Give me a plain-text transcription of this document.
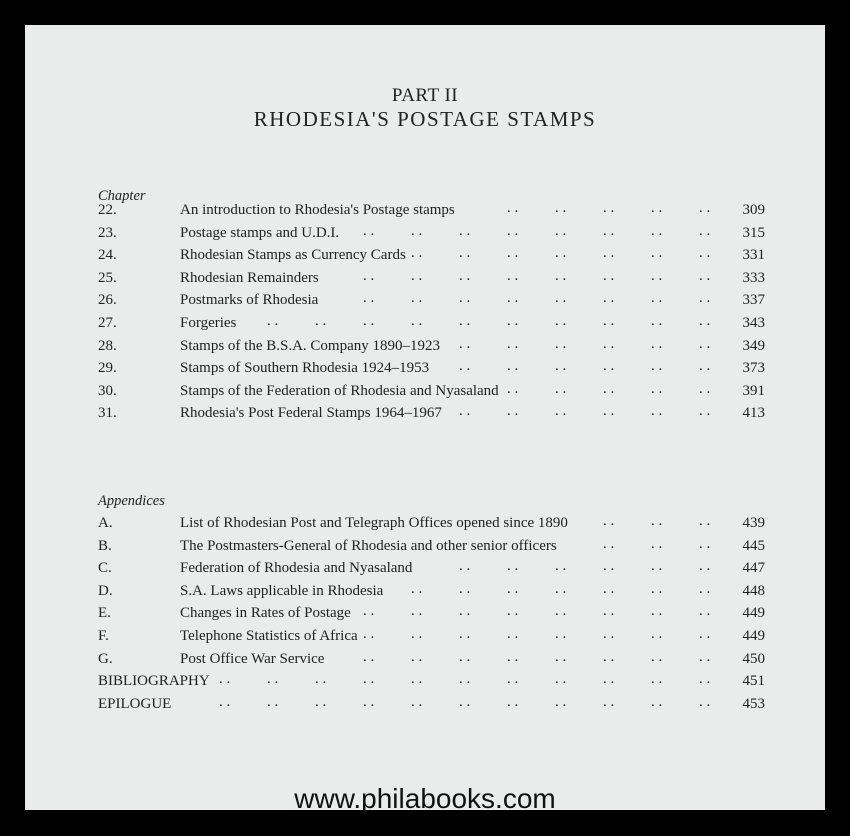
PART II
RHODESIA'S POSTAGE STAMPS
Chapter
22.	An introduction to Rhodesia's Postage stamps	309
. .
. .
. .
. .
. .
23.	Postage stamps and U.D.I.	315
. .
. .
. .
. .
. .
. .
. .
. .
24.	Rhodesian Stamps as Currency Cards	331
. .
. .
. .
. .
. .
. .
. .
25.	Rhodesian Remainders	333
. .
. .
. .
. .
. .
. .
. .
. .
26.	Postmarks of Rhodesia	337
. .
. .
. .
. .
. .
. .
. .
. .
27.	Forgeries	343
. .
. .
. .
. .
. .
. .
. .
. .
. .
. .
28.	Stamps of the B.S.A. Company 1890–1923	349
. .
. .
. .
. .
. .
. .
29.	Stamps of Southern Rhodesia 1924–1953	373
. .
. .
. .
. .
. .
. .
30.	Stamps of the Federation of Rhodesia and Nyasaland	391
. .
. .
. .
. .
. .
31.	Rhodesia's Post Federal Stamps 1964–1967	413
. .
. .
. .
. .
. .
. .
Appendices
A.	List of Rhodesian Post and Telegraph Offices opened since 1890	439
. .
. .
. .
B.	The Postmasters-General of Rhodesia and other senior officers	445
. .
. .
. .
C.	Federation of Rhodesia and Nyasaland	447
. .
. .
. .
. .
. .
. .
D.	S.A. Laws applicable in Rhodesia	448
. .
. .
. .
. .
. .
. .
. .
E.	Changes in Rates of Postage	449
. .
. .
. .
. .
. .
. .
. .
. .
F.	Telephone Statistics of Africa	449
. .
. .
. .
. .
. .
. .
. .
. .
G.	Post Office War Service	450
. .
. .
. .
. .
. .
. .
. .
. .
BIBLIOGRAPHY	451
. .
. .
. .
. .
. .
. .
. .
. .
. .
. .
. .
EPILOGUE	453
. .
. .
. .
. .
. .
. .
. .
. .
. .
. .
. .
www.philabooks.com
